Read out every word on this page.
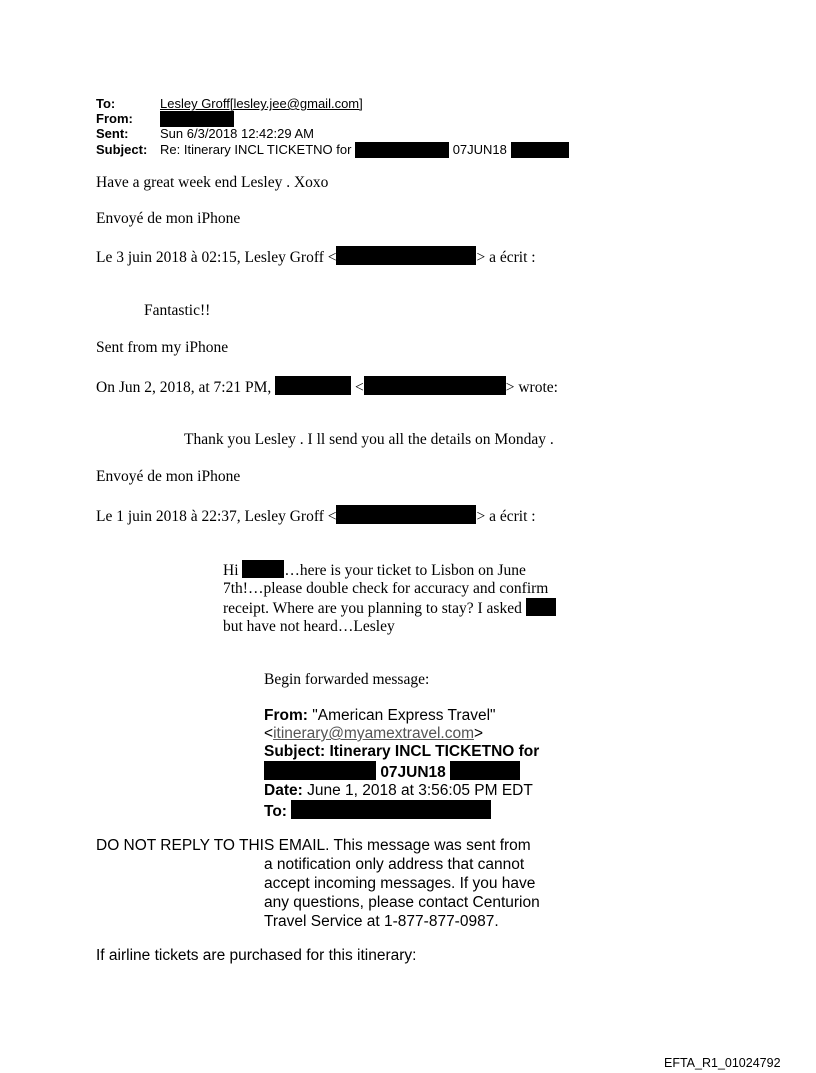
To:	Lesley Groff[lesley.jee@gmail.com]
From:
Sent: Sun 6/3/2018 12:42:29 AM
Subject: Re: Itinerary INCL TICKETNO for	07JUN18
Have a great week end Lesley . Xoxo
Envoyé de mon iPhone
Le 3 juin 2018 à 02:15, Lesley Groff <	> a écrit :
Fantastic!!
Sent from my iPhone
On Jun 2, 2018, at 7:21 PM,	<	> wrote:
Thank you Lesley . I ll send you all the details on Monday .
Envoyé de mon iPhone
Le 1 juin 2018 à 22:37, Lesley Groff <	> a écrit :
Hi	…here is your ticket to Lisbon on June
7th!…please double check for accuracy and confirm
receipt. Where are you planning to stay? I asked
but have not heard…Lesley
Begin forwarded message:
From: "American Express Travel"
<itinerary@myamextravel.com>
Subject: Itinerary INCL TICKETNO for
07JUN18
Date: June 1, 2018 at 3:56:05 PM EDT
To:
DO NOT REPLY TO THIS EMAIL. This message was sent from
a notification only address that cannot
accept incoming messages. If you have
any questions, please contact Centurion
Travel Service at 1-877-877-0987.
If airline tickets are purchased for this itinerary:
EFTA_R1_01024792
